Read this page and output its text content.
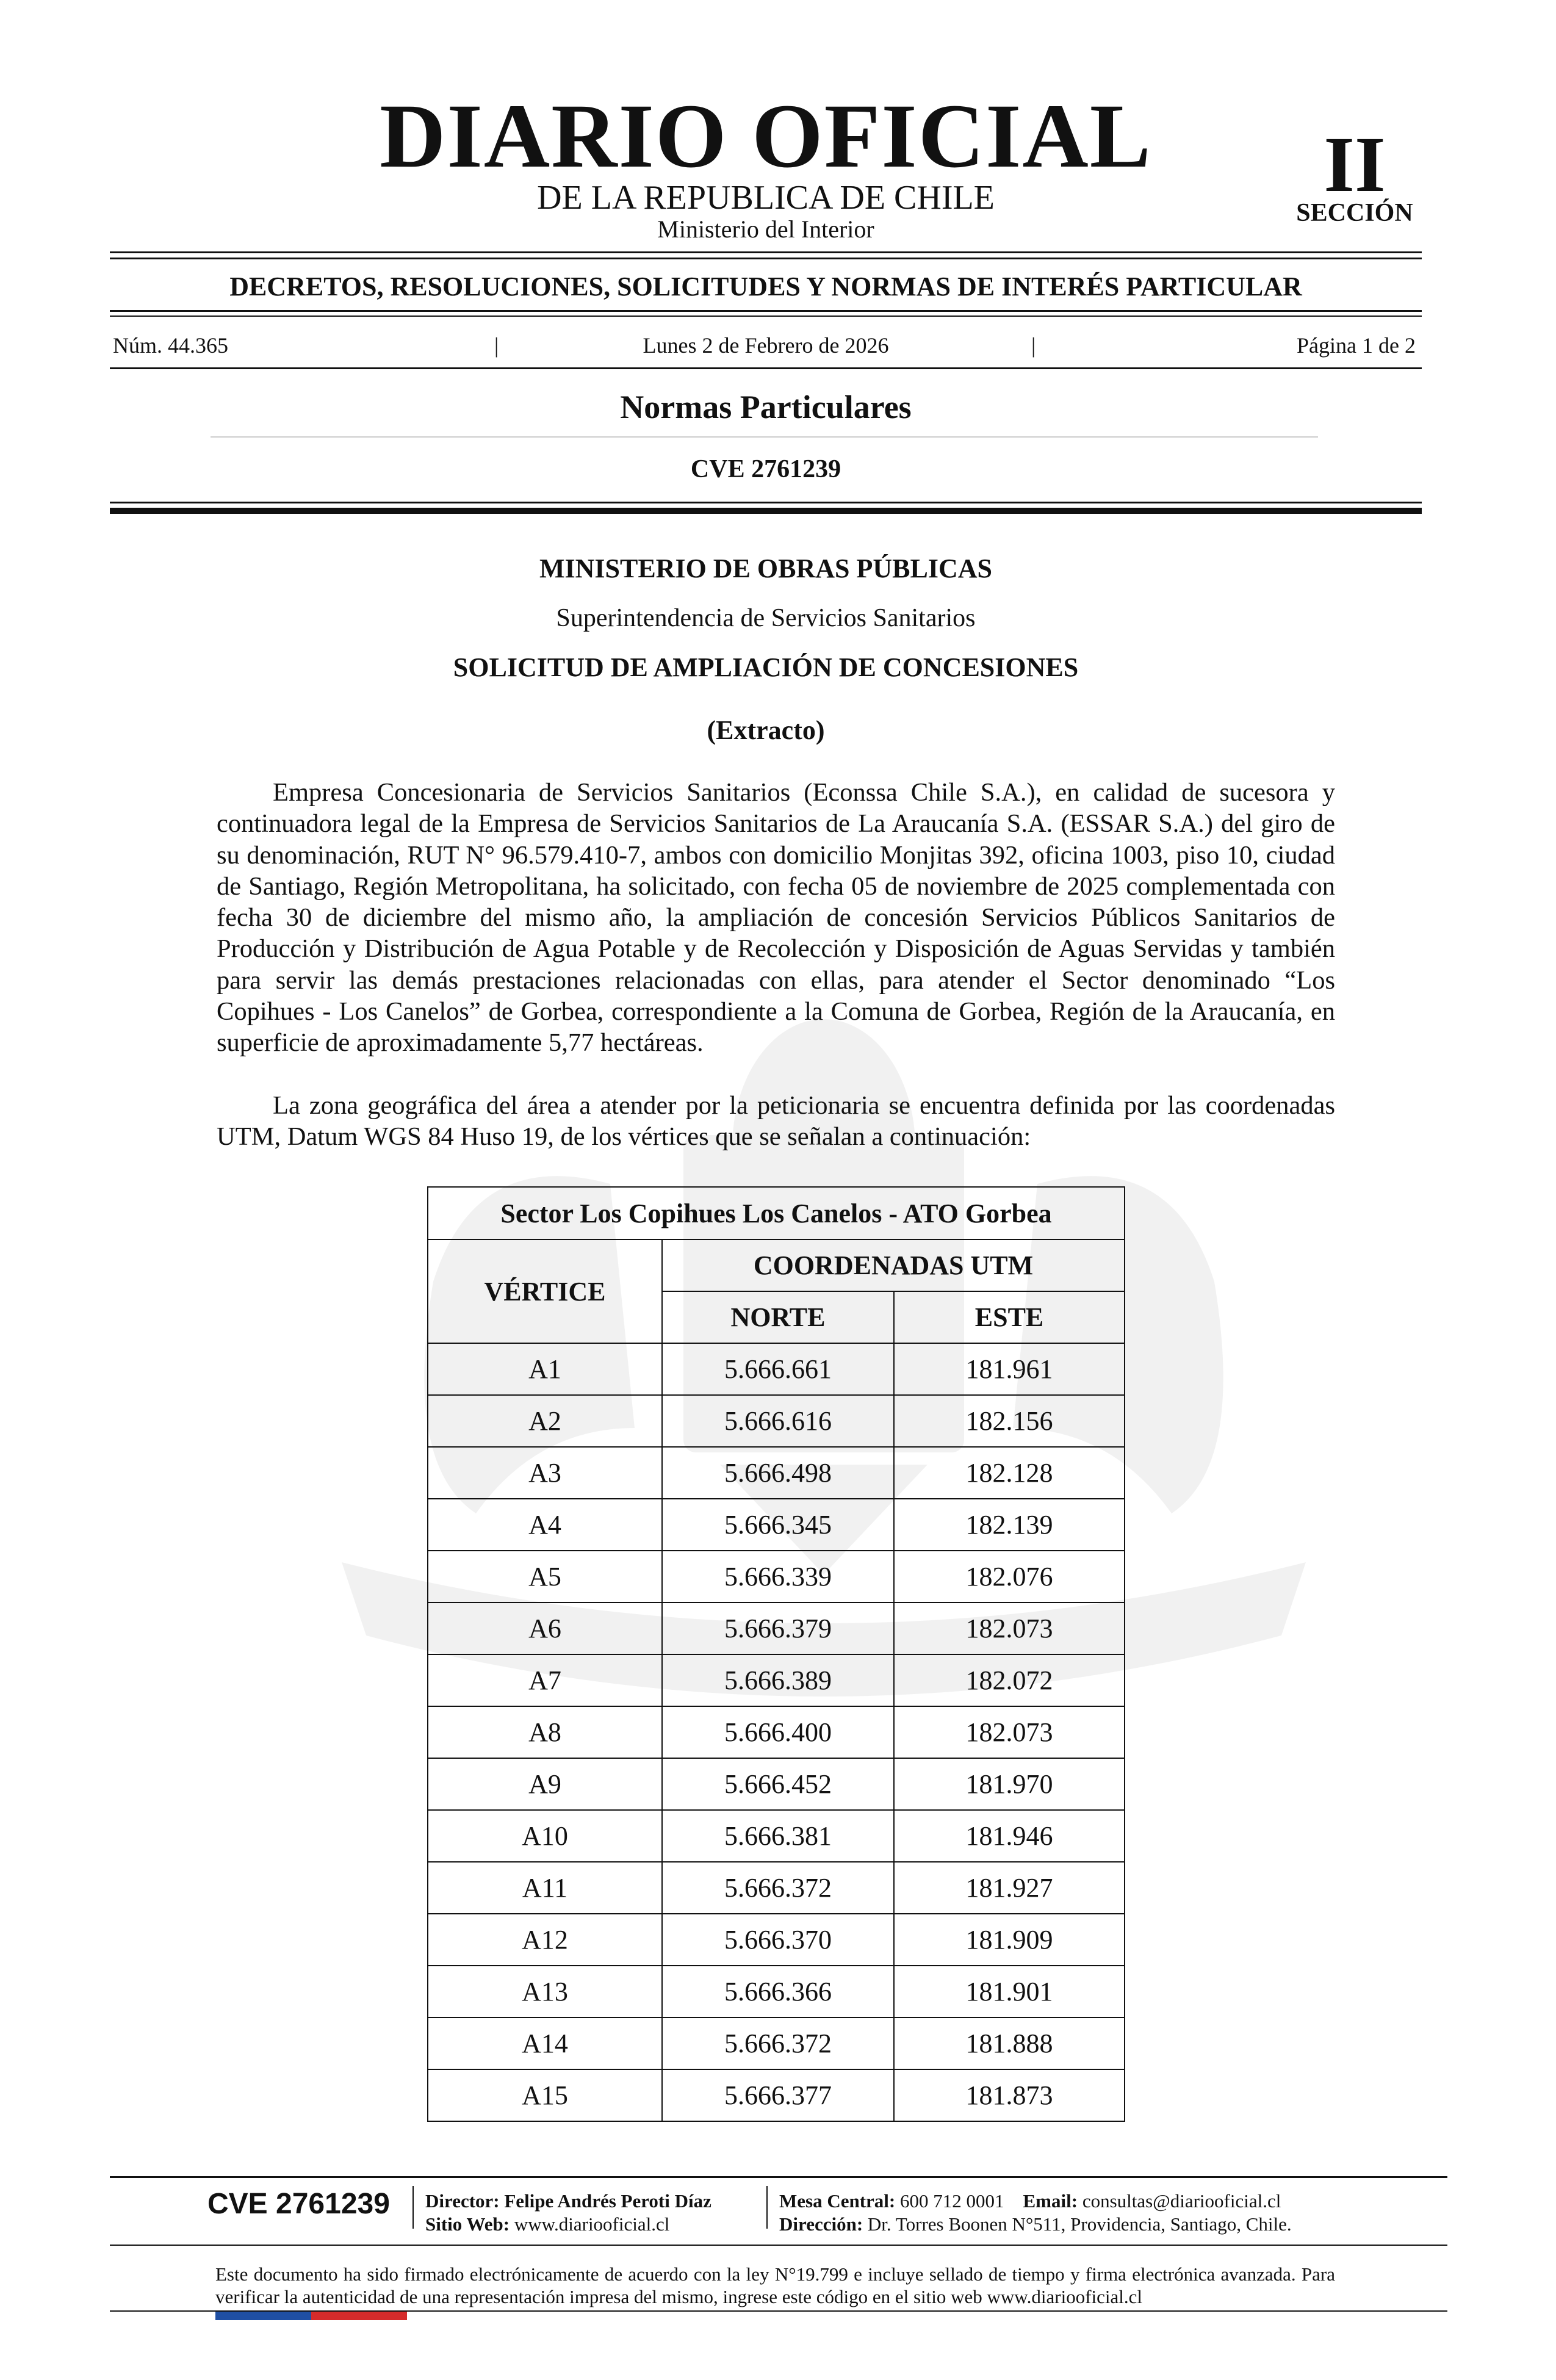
DIARIO OFICIAL
DE LA REPUBLICA DE CHILE
Ministerio del Interior
II
SECCIÓN
DECRETOS, RESOLUCIONES, SOLICITUDES Y NORMAS DE INTERÉS PARTICULAR
Núm. 44.365	|	Lunes 2 de Febrero de 2026	|	Página 1 de 2
Normas Particulares
CVE 2761239
MINISTERIO DE OBRAS PÚBLICAS
Superintendencia de Servicios Sanitarios
SOLICITUD DE AMPLIACIÓN DE CONCESIONES
(Extracto)
Empresa Concesionaria de Servicios Sanitarios (Econssa Chile S.A.), en calidad de sucesora y continuadora legal de la Empresa de Servicios Sanitarios de La Araucanía S.A. (ESSAR S.A.) del giro de su denominación, RUT N° 96.579.410-7, ambos con domicilio Monjitas 392, oficina 1003, piso 10, ciudad de Santiago, Región Metropolitana, ha solicitado, con fecha 05 de noviembre de 2025 complementada con fecha 30 de diciembre del mismo año, la ampliación de concesión Servicios Públicos Sanitarios de Producción y Distribución de Agua Potable y de Recolección y Disposición de Aguas Servidas y también para servir las demás prestaciones relacionadas con ellas, para atender el Sector denominado “Los Copihues - Los Canelos” de Gorbea, correspondiente a la Comuna de Gorbea, Región de la Araucanía, en superficie de aproximadamente 5,77 hectáreas.
La zona geográfica del área a atender por la peticionaria se encuentra definida por las coordenadas UTM, Datum WGS 84 Huso 19, de los vértices que se señalan a continuación:
Sector Los Copihues Los Canelos - ATO Gorbea		
VÉRTICE	COORDENADAS UTM	
	NORTE	ESTE
A1	5.666.661	181.961
A2	5.666.616	182.156
A3	5.666.498	182.128
A4	5.666.345	182.139
A5	5.666.339	182.076
A6	5.666.379	182.073
A7	5.666.389	182.072
A8	5.666.400	182.073
A9	5.666.452	181.970
A10	5.666.381	181.946
A11	5.666.372	181.927
A12	5.666.370	181.909
A13	5.666.366	181.901
A14	5.666.372	181.888
A15	5.666.377	181.873
CVE 2761239	Director: Felipe Andrés Peroti Díaz
Sitio Web: www.diariooficial.cl
Mesa Central: 600 712 0001 Email: consultas@diariooficial.cl
Dirección: Dr. Torres Boonen N°511, Providencia, Santiago, Chile.
Este documento ha sido firmado electrónicamente de acuerdo con la ley N°19.799 e incluye sellado de tiempo y firma electrónica avanzada. Para verificar la autenticidad de una representación impresa del mismo, ingrese este código en el sitio web www.diariooficial.cl
